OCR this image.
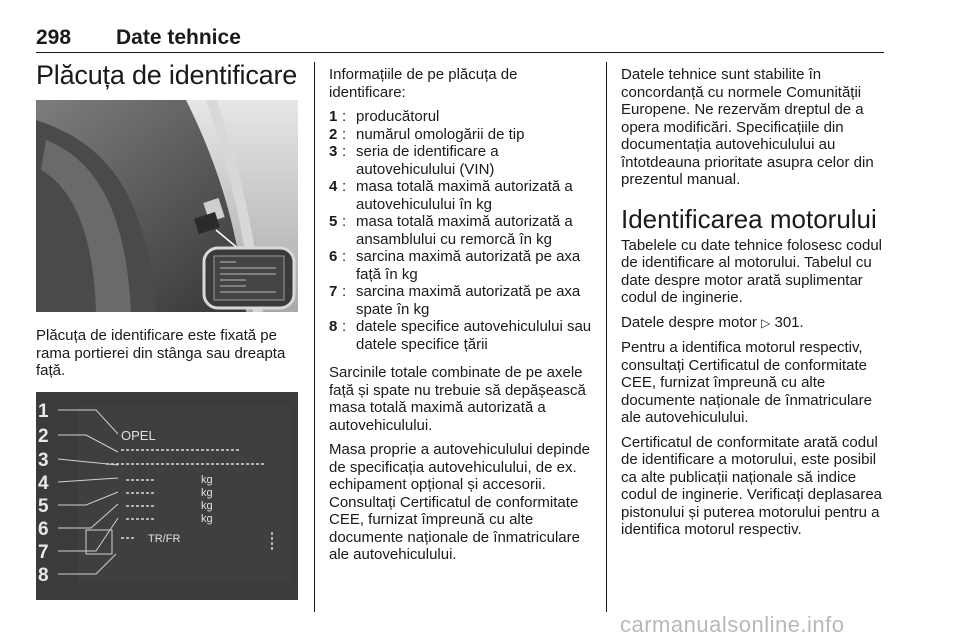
298 Date tehnice
Plăcuța de identificare

Plăcuța de identificare este fixată pe rama portierei din stânga sau dreapta față.

1
2
3
4
5
6
7
8
OPEL
kg
kg
kg
kg
TR/FR

Informațiile de pe plăcuța de identificare:

1 : producătorul
2 : numărul omologării de tip
3 : seria de identificare a autovehiculului (VIN)
4 : masa totală maximă autorizată a autovehiculului în kg
5 : masa totală maximă autorizată a ansamblului cu remorcă în kg
6 : sarcina maximă autorizată pe axa față în kg
7 : sarcina maximă autorizată pe axa spate în kg
8 : datele specifice autovehiculului sau datele specifice țării

Sarcinile totale combinate de pe axele față și spate nu trebuie să depășească masa totală maximă autorizată a autovehiculului.

Masa proprie a autovehiculului depinde de specificația autovehiculului, de ex. echipament opțional și accesorii. Consultați Certificatul de conformitate CEE, furnizat împreună cu alte documente naționale de înmatriculare ale autovehiculului.

Datele tehnice sunt stabilite în concordanță cu normele Comunității Europene. Ne rezervăm dreptul de a opera modificări. Specificațiile din documentația autovehiculului au întotdeauna prioritate asupra celor din prezentul manual.

Identificarea motorului

Tabelele cu date tehnice folosesc codul de identificare al motorului. Tabelul cu date despre motor arată suplimentar codul de inginerie.

Datele despre motor ▷ 301.

Pentru a identifica motorul respectiv, consultați Certificatul de conformitate CEE, furnizat împreună cu alte documente naționale de înmatriculare ale autovehiculului.

Certificatul de conformitate arată codul de identificare a motorului, este posibil ca alte publicații naționale să indice codul de inginerie. Verificați deplasarea pistonului și puterea motorului pentru a identifica motorul respectiv.

carmanualsonline.info
